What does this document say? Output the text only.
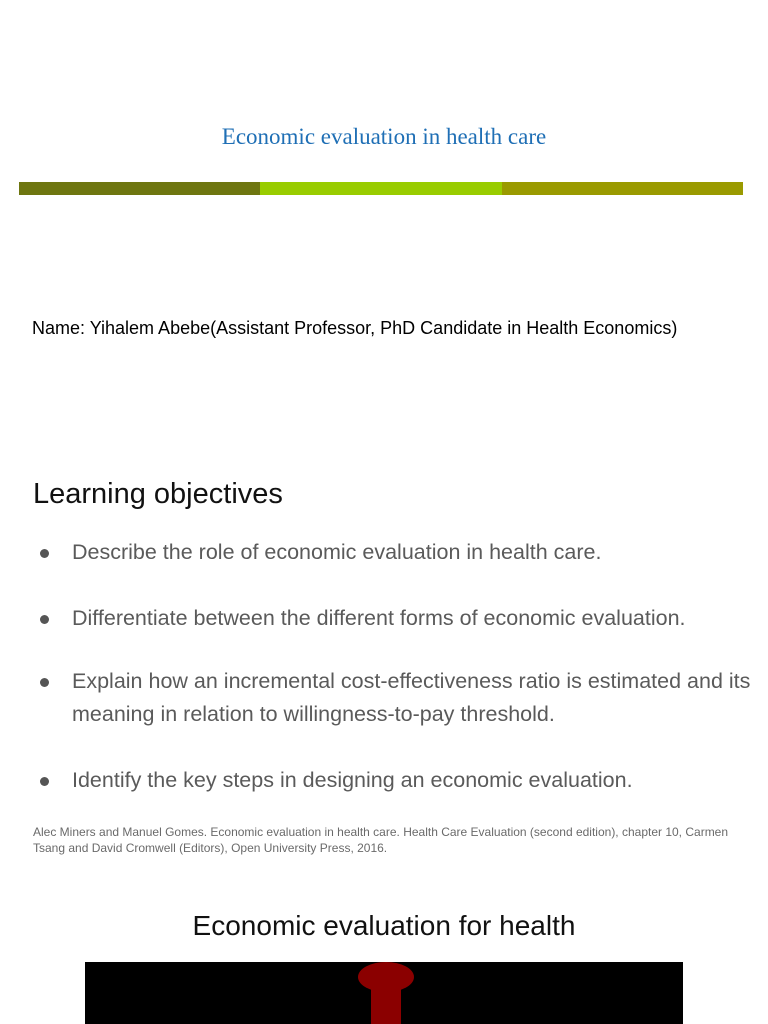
Economic evaluation in health care

Name: Yihalem Abebe(Assistant Professor, PhD Candidate in Health Economics)

Learning objectives
Describe the role of economic evaluation in health care.
Differentiate between the different forms of economic evaluation.
Explain how an incremental cost-effectiveness ratio is estimated and its meaning in relation to willingness-to-pay threshold.
Identify the key steps in designing an economic evaluation.

Alec Miners and Manuel Gomes. Economic evaluation in health care. Health Care Evaluation (second edition), chapter 10, Carmen Tsang and David Cromwell (Editors), Open University Press, 2016.

Economic evaluation for health
